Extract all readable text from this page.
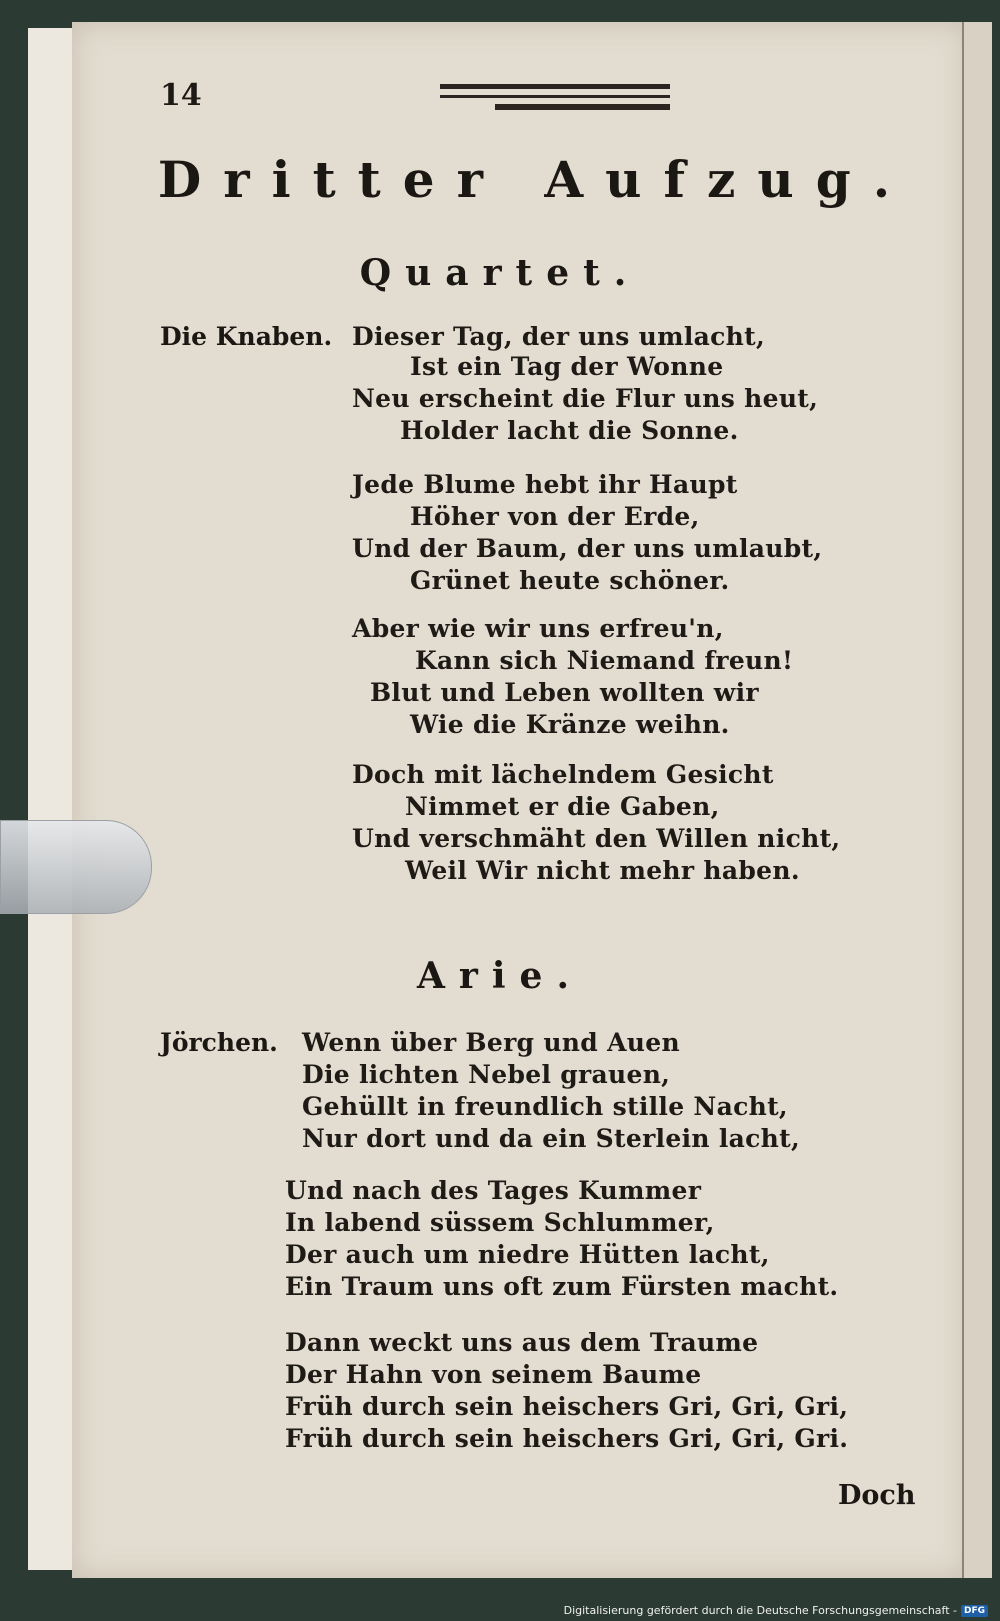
14
Dritter Aufzug.
Quartet.
Die Knaben. Dieser Tag, der uns umlacht,
Ist ein Tag der Wonne
Neu erscheint die Flur uns heut,
Holder lacht die Sonne.
Jede Blume hebt ihr Haupt
Höher von der Erde,
Und der Baum, der uns umlaubt,
Grünet heute schöner.
Aber wie wir uns erfreu'n,
Kann sich Niemand freun!
Blut und Leben wollten wir
Wie die Kränze weihn.
Doch mit lächelndem Gesicht
Nimmet er die Gaben,
Und verschmäht den Willen nicht,
Weil Wir nicht mehr haben.
Arie.
Jörchen. Wenn über Berg und Auen
Die lichten Nebel grauen,
Gehüllt in freundlich stille Nacht,
Nur dort und da ein Sterlein lacht,
Und nach des Tages Kummer
In labend süssem Schlummer,
Der auch um niedre Hütten lacht,
Ein Traum uns oft zum Fürsten macht.
Dann weckt uns aus dem Traume
Der Hahn von seinem Baume
Früh durch sein heischers Gri, Gri, Gri,
Früh durch sein heischers Gri, Gri, Gri.
Doch
Digitalisierung gefördert durch die Deutsche Forschungsgemeinschaft - DFG
